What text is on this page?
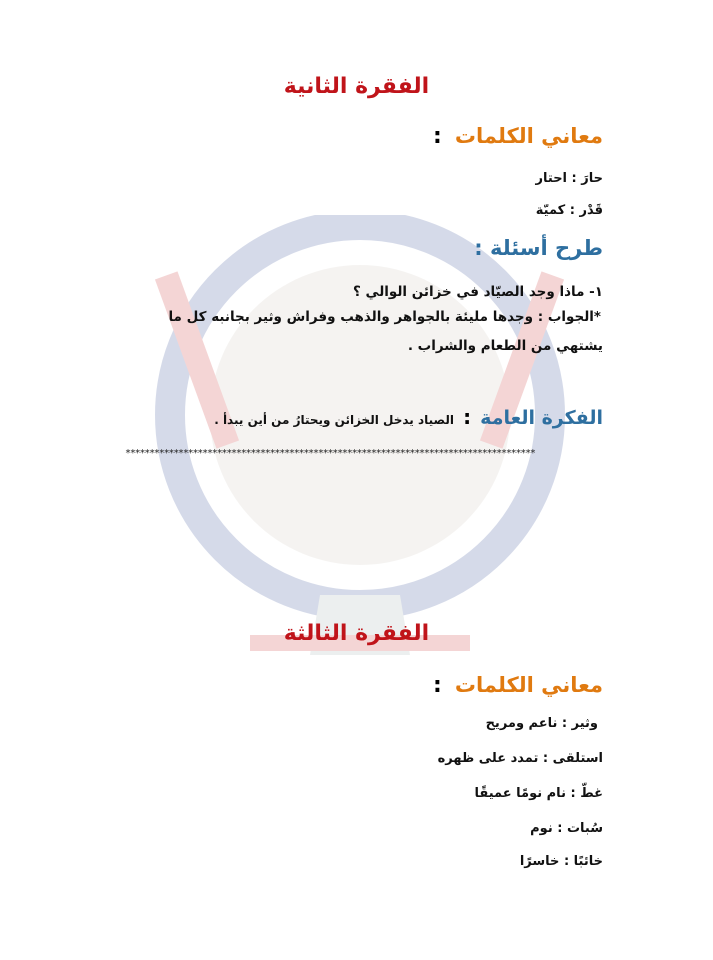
الفقرة الثانية
معاني الكلمات :
حارَ : احتار
قَدْر : كميّة
طرح أسئلة :
١- ماذا وجد الصيّاد في خزائن الوالي ؟
*الجواب : وجدها مليئة بالجواهر والذهب وفراش وثير بجانبه كل ما
يشتهي من الطعام والشراب .
الفكرة العامة : الصياد يدخل الخزائن ويحتارُ من أين يبدأ .
*************************************************************************************
الفقرة الثالثة
معاني الكلمات :
وثير : ناعم ومريح
استلقى : تمدد على ظهره
غطّ : نام نومًا عميقًا
سُبات : نوم
خائبًا : خاسرًا
